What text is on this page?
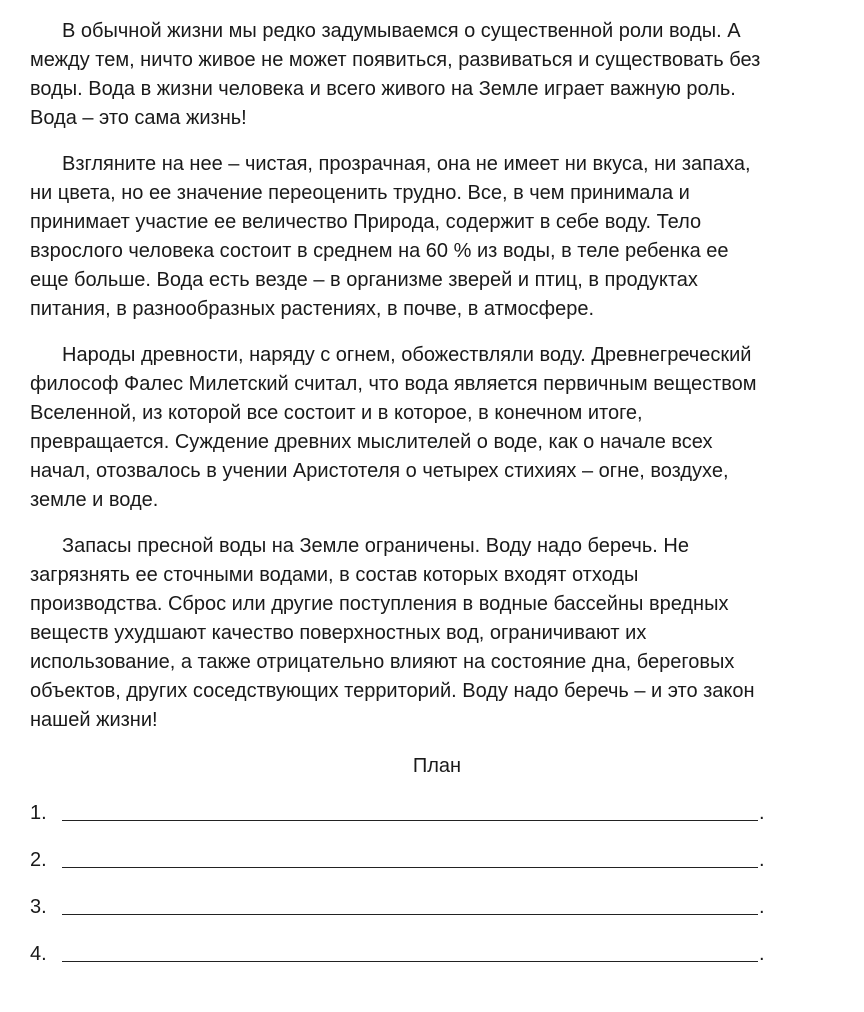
В обычной жизни мы редко задумываемся о существенной роли воды. А
между тем, ничто живое не может появиться, развиваться и существовать без
воды. Вода в жизни человека и всего живого на Земле играет важную роль.
Вода – это сама жизнь!
Взгляните на нее – чистая, прозрачная, она не имеет ни вкуса, ни запаха,
ни цвета, но ее значение переоценить трудно. Все, в чем принимала и
принимает участие ее величество Природа, содержит в себе воду. Тело
взрослого человека состоит в среднем на 60 % из воды, в теле ребенка ее
еще больше. Вода есть везде – в организме зверей и птиц, в продуктах
питания, в разнообразных растениях, в почве, в атмосфере.
Народы древности, наряду с огнем, обожествляли воду. Древнегреческий
философ Фалес Милетский считал, что вода является первичным веществом
Вселенной, из которой все состоит и в которое, в конечном итоге,
превращается. Суждение древних мыслителей о воде, как о начале всех
начал, отозвалось в учении Аристотеля о четырех стихиях – огне, воздухе,
земле и воде.
Запасы пресной воды на Земле ограничены. Воду надо беречь. Не
загрязнять ее сточными водами, в состав которых входят отходы
производства. Сброс или другие поступления в водные бассейны вредных
веществ ухудшают качество поверхностных вод, ограничивают их
использование, а также отрицательно влияют на состояние дна, береговых
объектов, других соседствующих территорий. Воду надо беречь – и это закон
нашей жизни!
План
1.	.
2.	.
3.	.
4.	.
